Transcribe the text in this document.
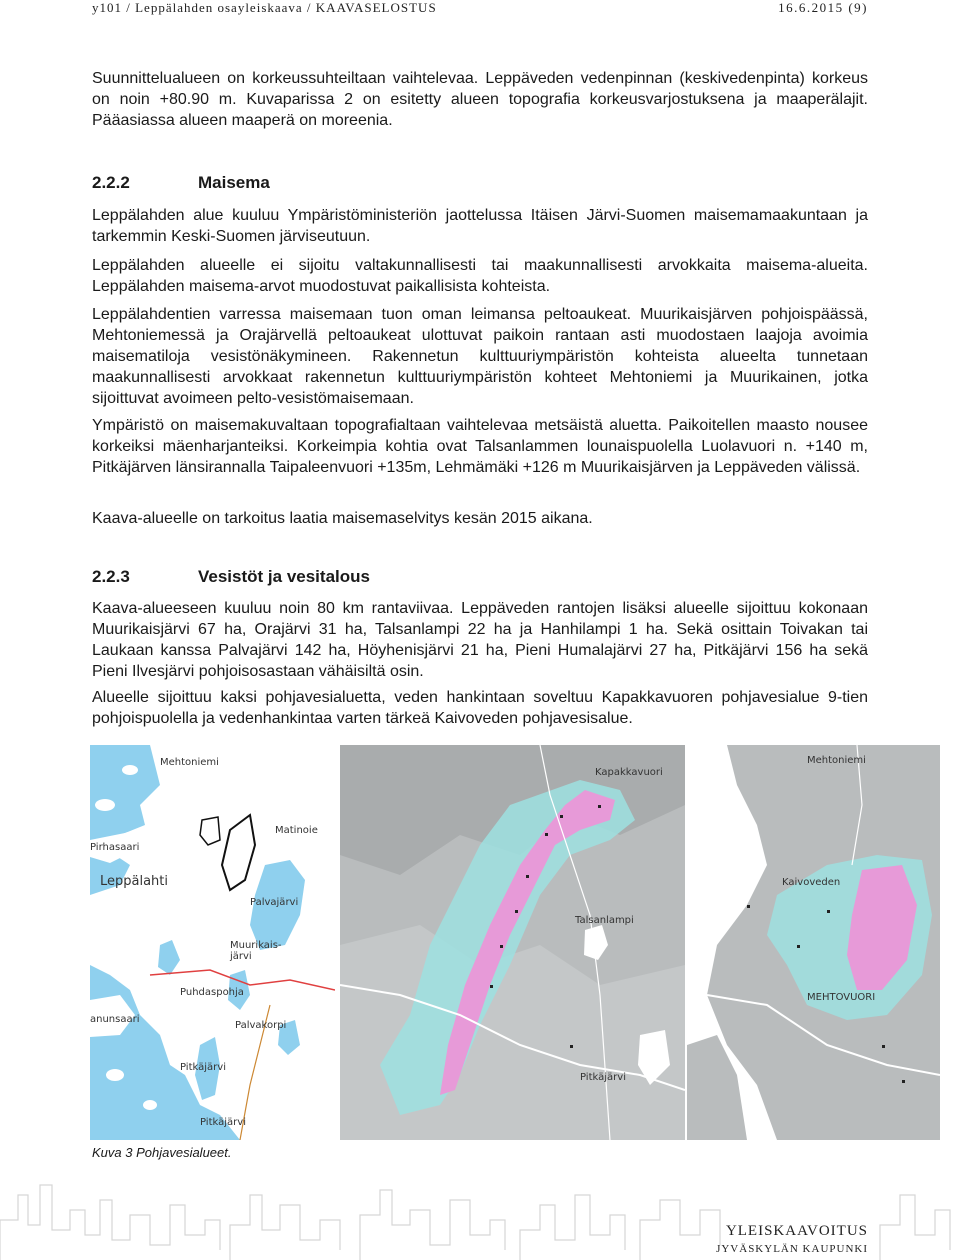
y101 / Leppälahden osayleiskaava / KAAVASELOSTUS	16.6.2015 (9)

Suunnittelualueen on korkeussuhteiltaan vaihtelevaa. Leppäveden vedenpinnan (keskivedenpinta) korkeus on noin +80.90 m. Kuvaparissa 2 on esitetty alueen topografia korkeusvarjostuksena ja maaperälajit. Pääasiassa alueen maaperä on moreenia.

2.2.2	Maisema

Leppälahden alue kuuluu Ympäristöministeriön jaottelussa Itäisen Järvi-Suomen maisemamaakuntaan ja tarkemmin Keski-Suomen järviseutuun.

Leppälahden alueelle ei sijoitu valtakunnallisesti tai maakunnallisesti arvokkaita maisema-alueita. Leppälahden maisema-arvot muodostuvat paikallisista kohteista.

Leppälahdentien varressa maisemaan tuon oman leimansa peltoaukeat. Muurikaisjärven pohjoispäässä, Mehtoniemessä ja Orajärvellä peltoaukeat ulottuvat paikoin rantaan asti muodostaen laajoja avoimia maisematiloja vesistönäkymineen. Rakennetun kulttuuriympäristön kohteista alueelta tunnetaan maakunnallisesti arvokkaat rakennetun kulttuuriympäristön kohteet Mehtoniemi ja Muurikainen, jotka sijoittuvat avoimeen pelto-vesistömaisemaan.

Ympäristö on maisemakuvaltaan topografialtaan vaihtelevaa metsäistä aluetta. Paikoitellen maasto nousee korkeiksi mäenharjanteiksi. Korkeimpia kohtia ovat Talsanlammen lounaispuolella Luolavuori n. +140 m, Pitkäjärven länsirannalla Taipaleenvuori +135m, Lehmämäki +126 m Muurikaisjärven ja Leppäveden välissä.

Kaava-alueelle on tarkoitus laatia maisemaselvitys kesän 2015 aikana.

2.2.3	Vesistöt ja vesitalous

Kaava-alueeseen kuuluu noin 80 km rantaviivaa. Leppäveden rantojen lisäksi alueelle sijoittuu kokonaan Muurikaisjärvi 67 ha, Orajärvi 31 ha, Talsanlampi 22 ha ja Hanhilampi 1 ha. Sekä osittain Toivakan tai Laukaan kanssa Palvajärvi 142 ha, Höyhenisjärvi 21 ha, Pieni Humalajärvi 27 ha, Pitkäjärvi 156 ha sekä Pieni Ilvesjärvi pohjoisosastaan vähäisiltä osin.

Alueelle sijoittuu kaksi pohjavesialuetta, veden hankintaan soveltuu Kapakkavuoren pohjavesialue 9-tien pohjoispuolella ja vedenhankintaa varten tärkeä Kaivoveden pohjavesisalue.

Mehtoniemi
Matinoie
Pirhasaari
Leppälahti
Palvajärvi
Muurikais-järvi
Puhdaspohja
anunsaari
Palvakorpi
Pitkäjärvi
Pitkäjärvi
Kapakkavuori
Talsanlampi
Pitkäjärvi
Mehtoniemi
MEHTOVUORI
Kaivoveden
Kuva 3 Pohjavesialueet.
YLEISKAAVOITUS
JYVÄSKYLÄN KAUPUNKI
